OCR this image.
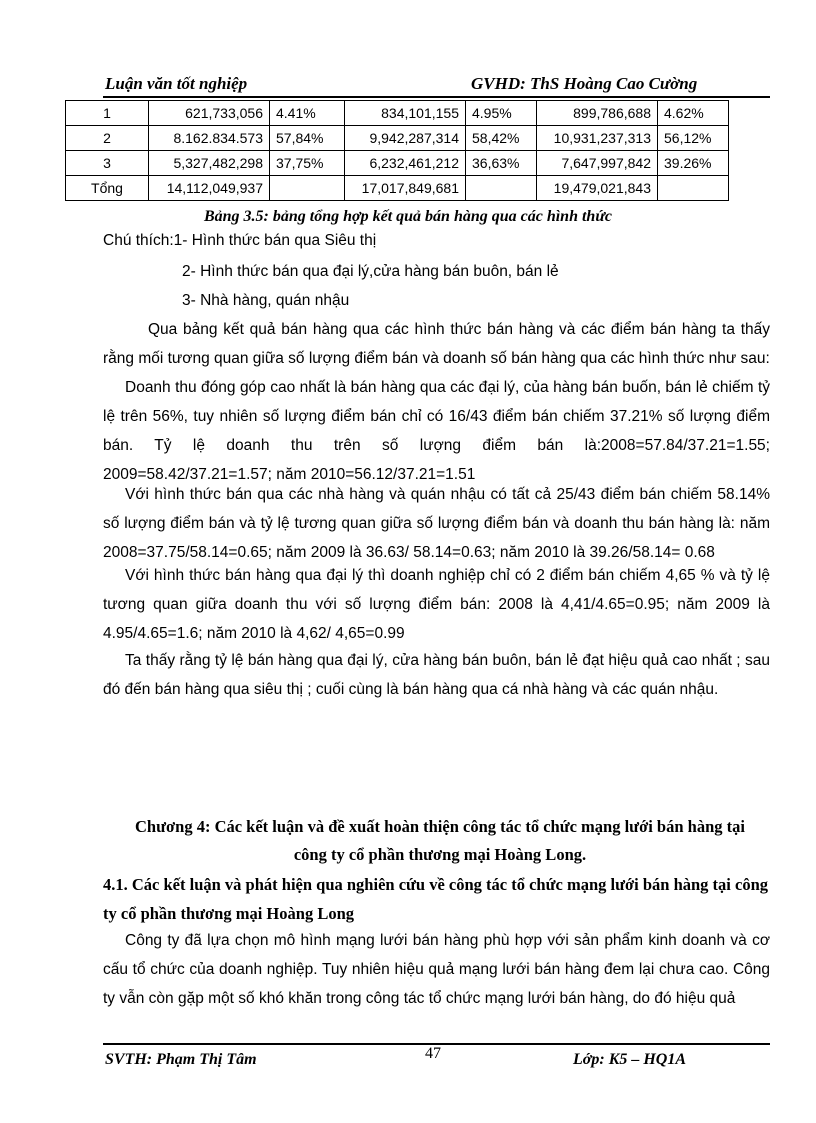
Luận văn tốt nghiệp	GVHD: ThS Hoàng Cao Cường
1	621,733,056	4.41%	834,101,155	4.95%	899,786,688	4.62%
2	8.162.834.573	57,84%	9,942,287,314	58,42%	10,931,237,313	56,12%
3	5,327,482,298	37,75%	6,232,461,212	36,63%	7,647,997,842	39.26%
Tổng	14,112,049,937		17,017,849,681		19,479,021,843	
Bảng 3.5: bảng tổng hợp kết quả bán hàng qua các hình thức
Chú thích:1- Hình thức bán qua Siêu thị
2- Hình thức bán qua đại lý,cửa hàng bán buôn, bán lẻ
3- Nhà hàng, quán nhậu
Qua bảng kết quả bán hàng qua các hình thức bán hàng và các điểm bán hàng ta thấy rằng mối tương quan giữa số lượng điểm bán và doanh số bán hàng qua các hình thức như sau:
Doanh thu đóng góp cao nhất là bán hàng qua các đại lý, của hàng bán buốn, bán lẻ chiếm tỷ lệ trên 56%, tuy nhiên số lượng điểm bán chỉ có 16/43 điểm bán chiếm 37.21% số lượng điểm bán. Tỷ lệ doanh thu trên số lượng điểm bán là:2008=57.84/37.21=1.55; 2009=58.42/37.21=1.57; năm 2010=56.12/37.21=1.51
Với hình thức bán qua các nhà hàng và quán nhậu có tất cả 25/43 điểm bán chiếm 58.14% số lượng điểm bán và tỷ lệ tương quan giữa số lượng điểm bán và doanh thu bán hàng là: năm 2008=37.75/58.14=0.65; năm 2009 là 36.63/ 58.14=0.63; năm 2010 là 39.26/58.14= 0.68
Với hình thức bán hàng qua đại lý thì doanh nghiệp chỉ có 2 điểm bán chiếm 4,65 % và tỷ lệ tương quan giữa doanh thu với số lượng điểm bán: 2008 là 4,41/4.65=0.95; năm 2009 là 4.95/4.65=1.6; năm 2010 là 4,62/ 4,65=0.99
Ta thấy rằng tỷ lệ bán hàng qua đại lý, cửa hàng bán buôn, bán lẻ đạt hiệu quả cao nhất ; sau đó đến bán hàng qua siêu thị ; cuối cùng là bán hàng qua cá nhà hàng và các quán nhậu.
Chương 4: Các kết luận và đề xuất hoàn thiện công tác tổ chức mạng lưới bán hàng tại
công ty cổ phần thương mại Hoàng Long.
4.1. Các kết luận và phát hiện qua nghiên cứu về công tác tổ chức mạng lưới bán hàng tại công ty cổ phần thương mại Hoàng Long
Công ty đã lựa chọn mô hình mạng lưới bán hàng phù hợp với sản phẩm kinh doanh và cơ cấu tổ chức của doanh nghiệp. Tuy nhiên hiệu quả mạng lưới bán hàng đem lại chưa cao. Công ty vẫn còn gặp một số khó khăn trong công tác tổ chức mạng lưới bán hàng, do đó hiệu quả
SVTH: Phạm Thị Tâm	47	Lớp: K5 – HQ1A
